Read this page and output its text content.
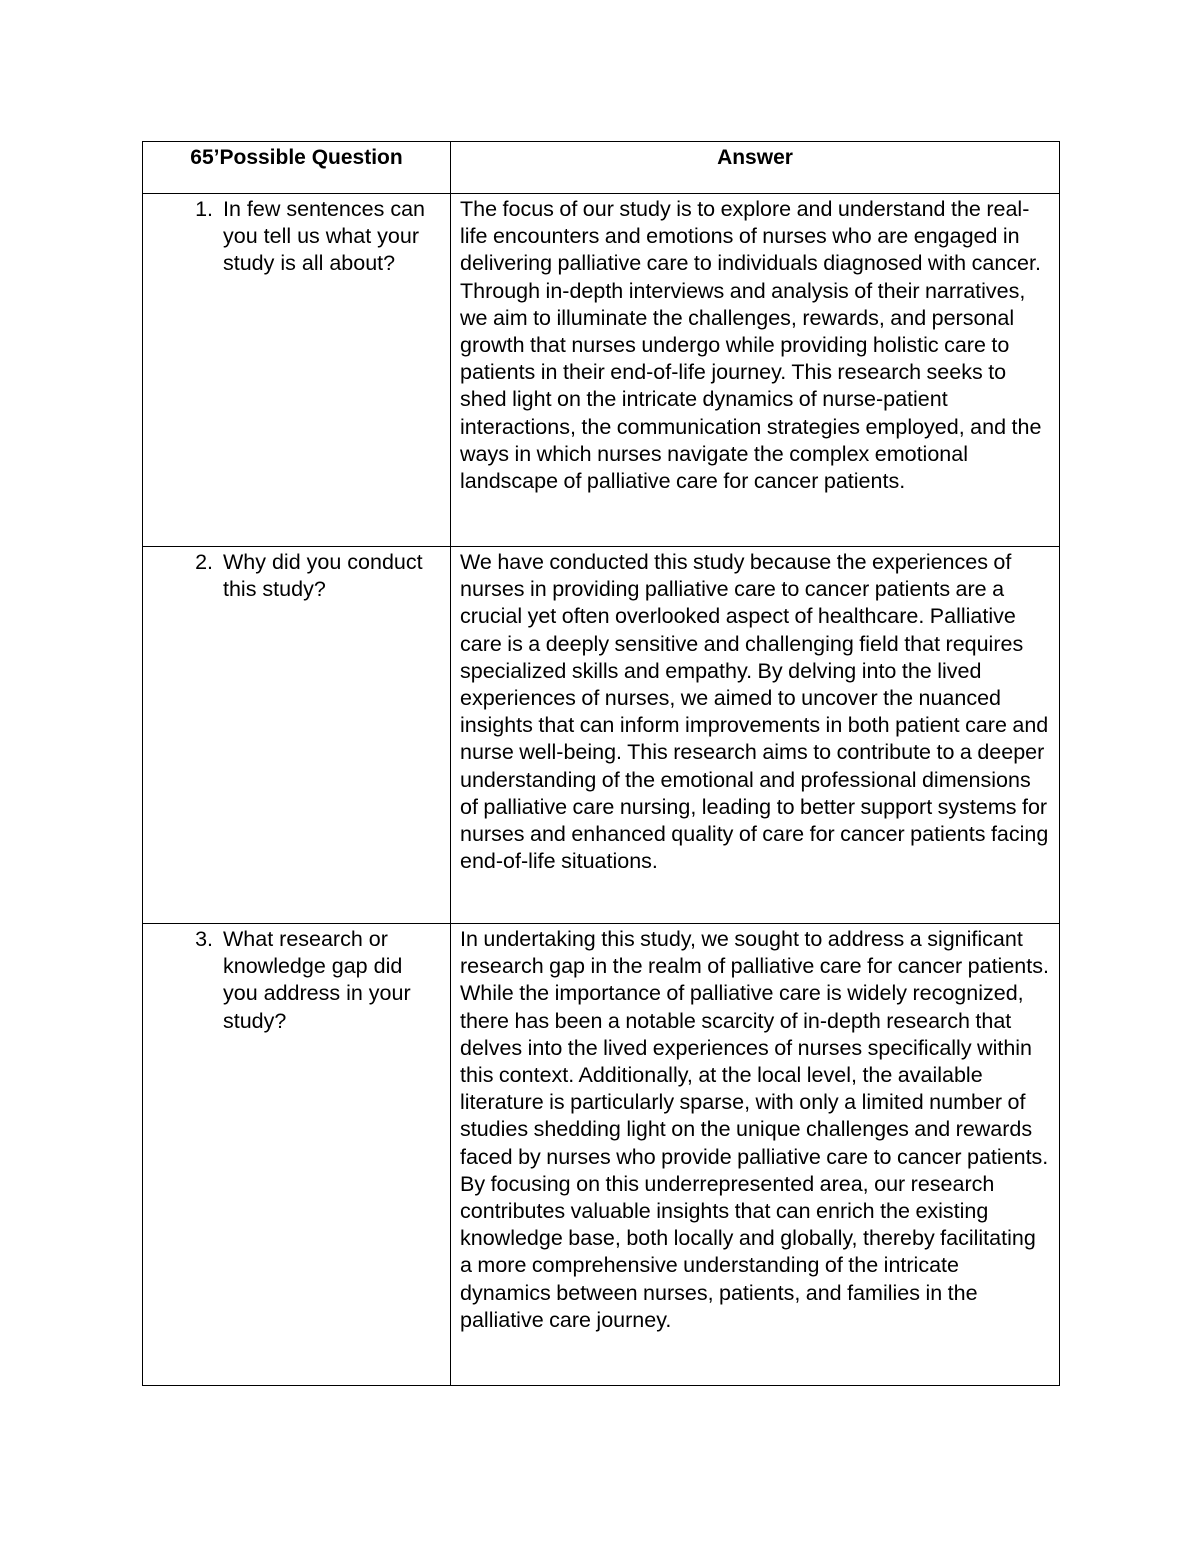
65’Possible Question	Answer

1. In few sentences can you tell us what your study is all about?	The focus of our study is to explore and understand the real-life encounters and emotions of nurses who are engaged in delivering palliative care to individuals diagnosed with cancer. Through in-depth interviews and analysis of their narratives, we aim to illuminate the challenges, rewards, and personal growth that nurses undergo while providing holistic care to patients in their end-of-life journey. This research seeks to shed light on the intricate dynamics of nurse-patient interactions, the communication strategies employed, and the ways in which nurses navigate the complex emotional landscape of palliative care for cancer patients.

2. Why did you conduct this study?	We have conducted this study because the experiences of nurses in providing palliative care to cancer patients are a crucial yet often overlooked aspect of healthcare. Palliative care is a deeply sensitive and challenging field that requires specialized skills and empathy. By delving into the lived experiences of nurses, we aimed to uncover the nuanced insights that can inform improvements in both patient care and nurse well-being. This research aims to contribute to a deeper understanding of the emotional and professional dimensions of palliative care nursing, leading to better support systems for nurses and enhanced quality of care for cancer patients facing end-of-life situations.

3. What research or knowledge gap did you address in your study?	In undertaking this study, we sought to address a significant research gap in the realm of palliative care for cancer patients. While the importance of palliative care is widely recognized, there has been a notable scarcity of in-depth research that delves into the lived experiences of nurses specifically within this context. Additionally, at the local level, the available literature is particularly sparse, with only a limited number of studies shedding light on the unique challenges and rewards faced by nurses who provide palliative care to cancer patients. By focusing on this underrepresented area, our research contributes valuable insights that can enrich the existing knowledge base, both locally and globally, thereby facilitating a more comprehensive understanding of the intricate dynamics between nurses, patients, and families in the palliative care journey.
